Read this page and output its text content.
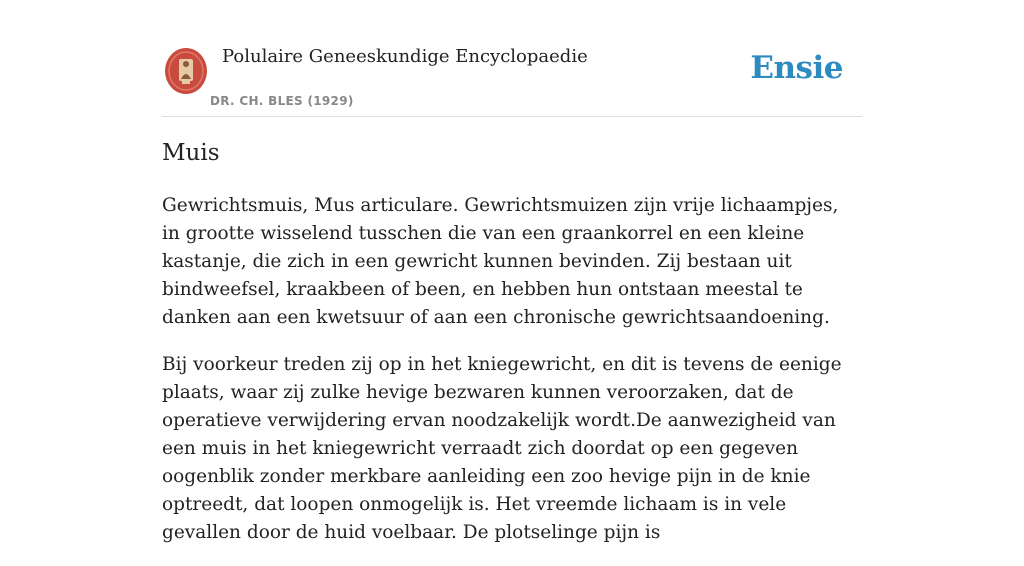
Polulaire Geneeskundige Encyclopaedie
DR. CH. BLES (1929)
Ensie
Muis

Gewrichtsmuis, Mus articulare. Gewrichtsmuizen zijn vrije lichaampjes, in grootte wisselend tusschen die van een graankorrel en een kleine kastanje, die zich in een gewricht kunnen bevinden. Zij bestaan uit bindweefsel, kraakbeen of been, en hebben hun ontstaan meestal te danken aan een kwetsuur of aan een chronische gewrichtsaandoening.

Bij voorkeur treden zij op in het kniegewricht, en dit is tevens de eenige plaats, waar zij zulke hevige bezwaren kunnen veroorzaken, dat de operatieve verwijdering ervan noodzakelijk wordt.De aanwezigheid van een muis in het kniegewricht verraadt zich doordat op een gegeven oogenblik zonder merkbare aanleiding een zoo hevige pijn in de knie optreedt, dat loopen onmogelijk is. Het vreemde lichaam is in vele gevallen door de huid voelbaar. De plotselinge pijn is
